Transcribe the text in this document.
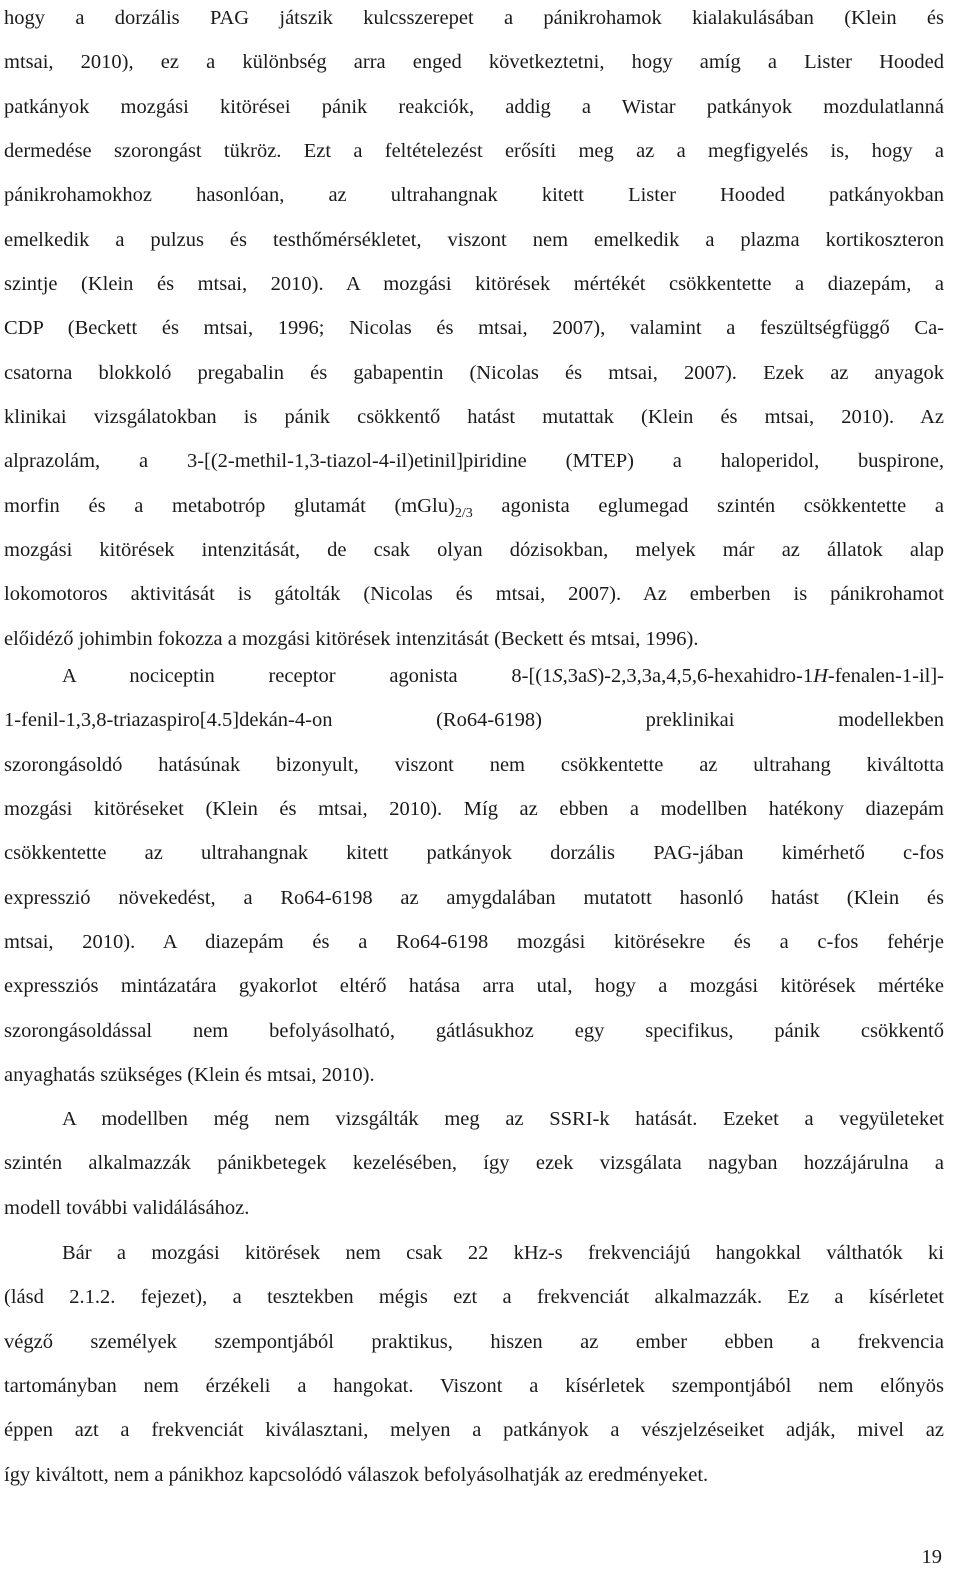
hogy a dorzális PAG játszik kulcsszerepet a pánikrohamok kialakulásában (Klein és
mtsai, 2010), ez a különbség arra enged következtetni, hogy amíg a Lister Hooded
patkányok mozgási kitörései pánik reakciók, addig a Wistar patkányok mozdulatlanná
dermedése szorongást tükröz. Ezt a feltételezést erősíti meg az a megfigyelés is, hogy a
pánikrohamokhoz hasonlóan, az ultrahangnak kitett Lister Hooded patkányokban
emelkedik a pulzus és testhőmérsékletet, viszont nem emelkedik a plazma kortikoszteron
szintje (Klein és mtsai, 2010). A mozgási kitörések mértékét csökkentette a diazepám, a
CDP (Beckett és mtsai, 1996; Nicolas és mtsai, 2007), valamint a feszültségfüggő Ca-
csatorna blokkoló pregabalin és gabapentin (Nicolas és mtsai, 2007). Ezek az anyagok
klinikai vizsgálatokban is pánik csökkentő hatást mutattak (Klein és mtsai, 2010). Az
alprazolám, a 3-[(2-methil-1,3-tiazol-4-il)etinil]piridine (MTEP) a haloperidol, buspirone,
morfin és a metabotróp glutamát $(mGlu)_{2/3}$ agonista eglumegad szintén csökkentette a
mozgási kitörések intenzitását, de csak olyan dózisokban, melyek már az állatok alap
lokomotoros aktivitását is gátolták (Nicolas és mtsai, 2007). Az emberben is pánikrohamot
előidéző johimbin fokozza a mozgási kitörések intenzitását (Beckett és mtsai, 1996).
A nociceptin receptor agonista 8-[(1S,3aS)-2,3,3a,4,5,6-hexahidro-1H-fenalen-1-il]-
1-fenil-1,3,8-triazaspiro[4.5]dekán-4-on (Ro64-6198) preklinikai modellekben
szorongásoldó hatásúnak bizonyult, viszont nem csökkentette az ultrahang kiváltotta
mozgási kitöréseket (Klein és mtsai, 2010). Míg az ebben a modellben hatékony diazepám
csökkentette az ultrahangnak kitett patkányok dorzális PAG-jában kimérhető c-fos
expresszió növekedést, a Ro64-6198 az amygdalában mutatott hasonló hatást (Klein és
mtsai, 2010). A diazepám és a Ro64-6198 mozgási kitörésekre és a c-fos fehérje
expressziós mintázatára gyakorlot eltérő hatása arra utal, hogy a mozgási kitörések mértéke
szorongásoldással nem befolyásolható, gátlásukhoz egy specifikus, pánik csökkentő
anyaghatás szükséges (Klein és mtsai, 2010).
A modellben még nem vizsgálták meg az SSRI-k hatását. Ezeket a vegyületeket
szintén alkalmazzák pánikbetegek kezelésében, így ezek vizsgálata nagyban hozzájárulna a
modell további validálásához.
Bár a mozgási kitörések nem csak 22 kHz-s frekvenciájú hangokkal válthatók ki
(lásd 2.1.2. fejezet), a tesztekben mégis ezt a frekvenciát alkalmazzák. Ez a kísérletet
végző személyek szempontjából praktikus, hiszen az ember ebben a frekvencia
tartományban nem érzékeli a hangokat. Viszont a kísérletek szempontjából nem előnyös
éppen azt a frekvenciát kiválasztani, melyen a patkányok a vészjelzéseiket adják, mivel az
így kiváltott, nem a pánikhoz kapcsolódó válaszok befolyásolhatják az eredményeket.
19
